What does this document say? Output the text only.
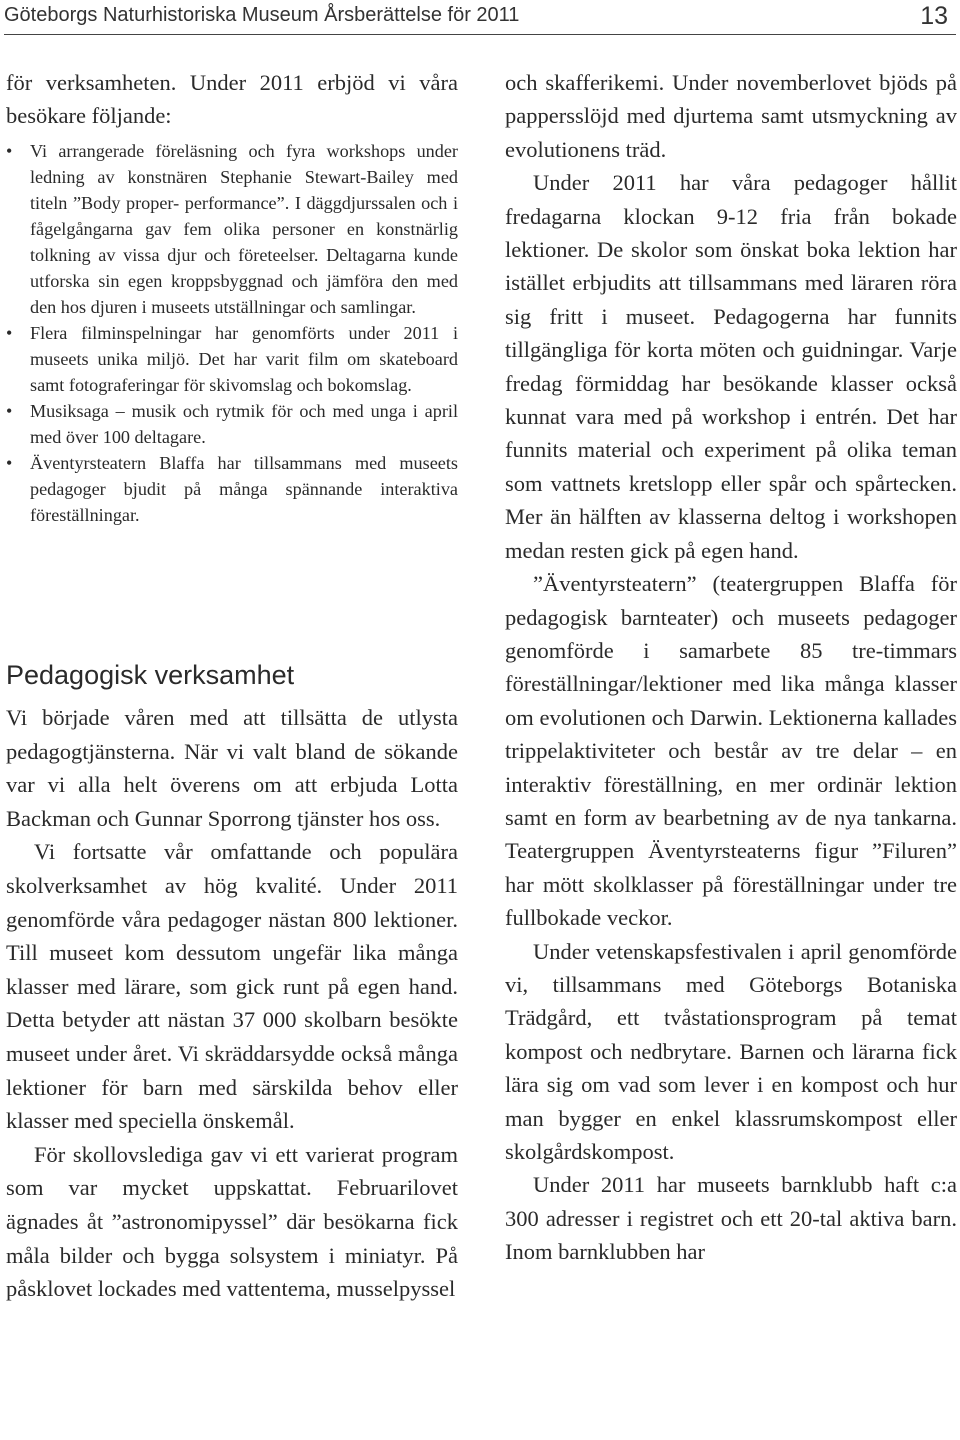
Göteborgs Naturhistoriska Museum Årsberättelse för 2011	13

för verksamheten. Under 2011 erbjöd vi våra besökare följande:

• Vi arrangerade föreläsning och fyra workshops under ledning av konstnären Stephanie Stewart-Bailey med titeln ”Body proper- performance”. I däggdjurssalen och i fågelgångarna gav fem olika personer en konstnärlig tolkning av vissa djur och företeelser. Deltagarna kunde utforska sin egen kroppsbyggnad och jämföra den med den hos djuren i museets utställningar och samlingar.
• Flera filminspelningar har genomförts under 2011 i museets unika miljö. Det har varit film om skateboard samt fotograferingar för skivomslag och bokomslag.
• Musiksaga – musik och rytmik för och med unga i april med över 100 deltagare.
• Äventyrsteatern Blaffa har tillsammans med museets pedagoger bjudit på många spännande interaktiva föreställningar.
Pedagogisk verksamhet

Vi började våren med att tillsätta de utlysta pedagogtjänsterna. När vi valt bland de sökande var vi alla helt överens om att erbjuda Lotta Backman och Gunnar Sporrong tjänster hos oss.

Vi fortsatte vår omfattande och populära skolverksamhet av hög kvalité. Under 2011 genomförde våra pedagoger nästan 800 lektioner. Till museet kom dessutom ungefär lika många klasser med lärare, som gick runt på egen hand. Detta betyder att nästan 37 000 skolbarn besökte museet under året. Vi skräddarsydde också många lektioner för barn med särskilda behov eller klasser med speciella önskemål.

För skollovslediga gav vi ett varierat program som var mycket uppskattat. Februarilovet ägnades åt ”astronomipyssel” där besökarna fick måla bilder och bygga solsystem i miniatyr. På påsklovet lockades med vattentema, musselpyssel

och skafferikemi. Under novemberlovet bjöds på pappersslöjd med djurtema samt utsmyckning av evolutionens träd.

Under 2011 har våra pedagoger hållit fredagarna klockan 9-12 fria från bokade lektioner. De skolor som önskat boka lektion har istället erbjudits att tillsammans med läraren röra sig fritt i museet. Pedagogerna har funnits tillgängliga för korta möten och guidningar. Varje fredag förmiddag har besökande klasser också kunnat vara med på workshop i entrén. Det har funnits material och experiment på olika teman som vattnets kretslopp eller spår och spårtecken. Mer än hälften av klasserna deltog i workshopen medan resten gick på egen hand.

”Äventyrsteatern” (teatergruppen Blaffa för pedagogisk barnteater) och museets pedagoger genomförde i samarbete 85 tre-timmars föreställningar/lektioner med lika många klasser om evolutionen och Darwin. Lektionerna kallades trippelaktiviteter och består av tre delar – en interaktiv föreställning, en mer ordinär lektion samt en form av bearbetning av de nya tankarna. Teatergruppen Äventyrsteaterns figur ”Filuren” har mött skolklasser på föreställningar under tre fullbokade veckor.

Under vetenskapsfestivalen i april genomförde vi, tillsammans med Göteborgs Botaniska Trädgård, ett tvåstationsprogram på temat kompost och nedbrytare. Barnen och lärarna fick lära sig om vad som lever i en kompost och hur man bygger en enkel klassrumskompost eller skolgårdskompost.

Under 2011 har museets barnklubb haft c:a 300 adresser i registret och ett 20-tal aktiva barn. Inom barnklubben har
